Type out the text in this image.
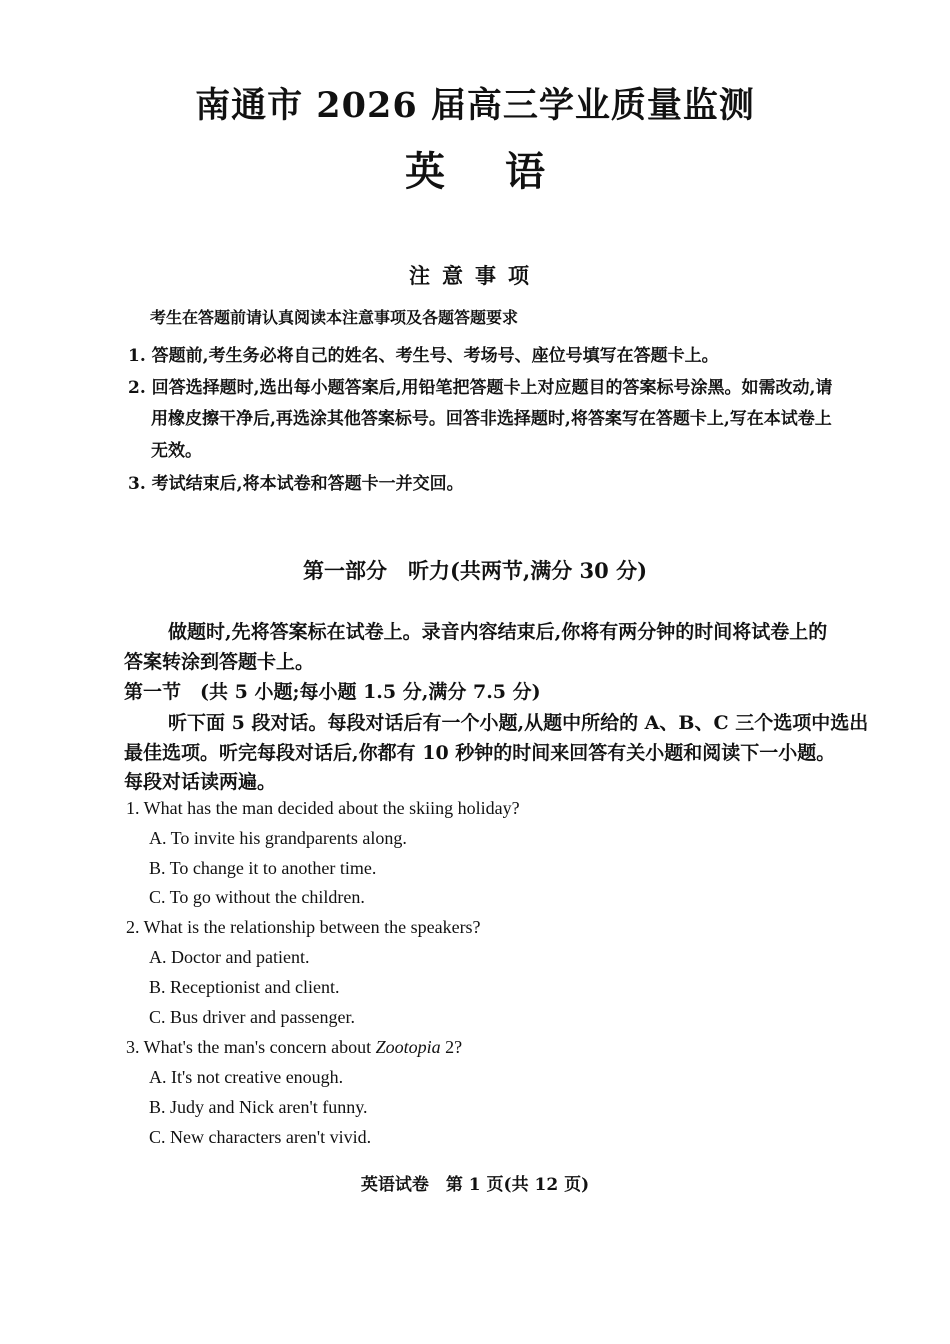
南通市 2026 届高三学业质量监测
英语
注意事项
考生在答题前请认真阅读本注意事项及各题答题要求
1. 答题前,考生务必将自己的姓名、考生号、考场号、座位号填写在答题卡上。
2. 回答选择题时,选出每小题答案后,用铅笔把答题卡上对应题目的答案标号涂黑。如需改动,请
用橡皮擦干净后,再选涂其他答案标号。回答非选择题时,将答案写在答题卡上,写在本试卷上
无效。
3. 考试结束后,将本试卷和答题卡一并交回。
第一部分　听力(共两节,满分 30 分)
做题时,先将答案标在试卷上。录音内容结束后,你将有两分钟的时间将试卷上的
答案转涂到答题卡上。
第一节　(共 5 小题;每小题 1.5 分,满分 7.5 分)
听下面 5 段对话。每段对话后有一个小题,从题中所给的 A、B、C 三个选项中选出
最佳选项。听完每段对话后,你都有 10 秒钟的时间来回答有关小题和阅读下一小题。
每段对话读两遍。
1. What has the man decided about the skiing holiday?
A. To invite his grandparents along.
B. To change it to another time.
C. To go without the children.
2. What is the relationship between the speakers?
A. Doctor and patient.
B. Receptionist and client.
C. Bus driver and passenger.
3. What's the man's concern about Zootopia 2?
A. It's not creative enough.
B. Judy and Nick aren't funny.
C. New characters aren't vivid.
英语试卷　第 1 页(共 12 页)
